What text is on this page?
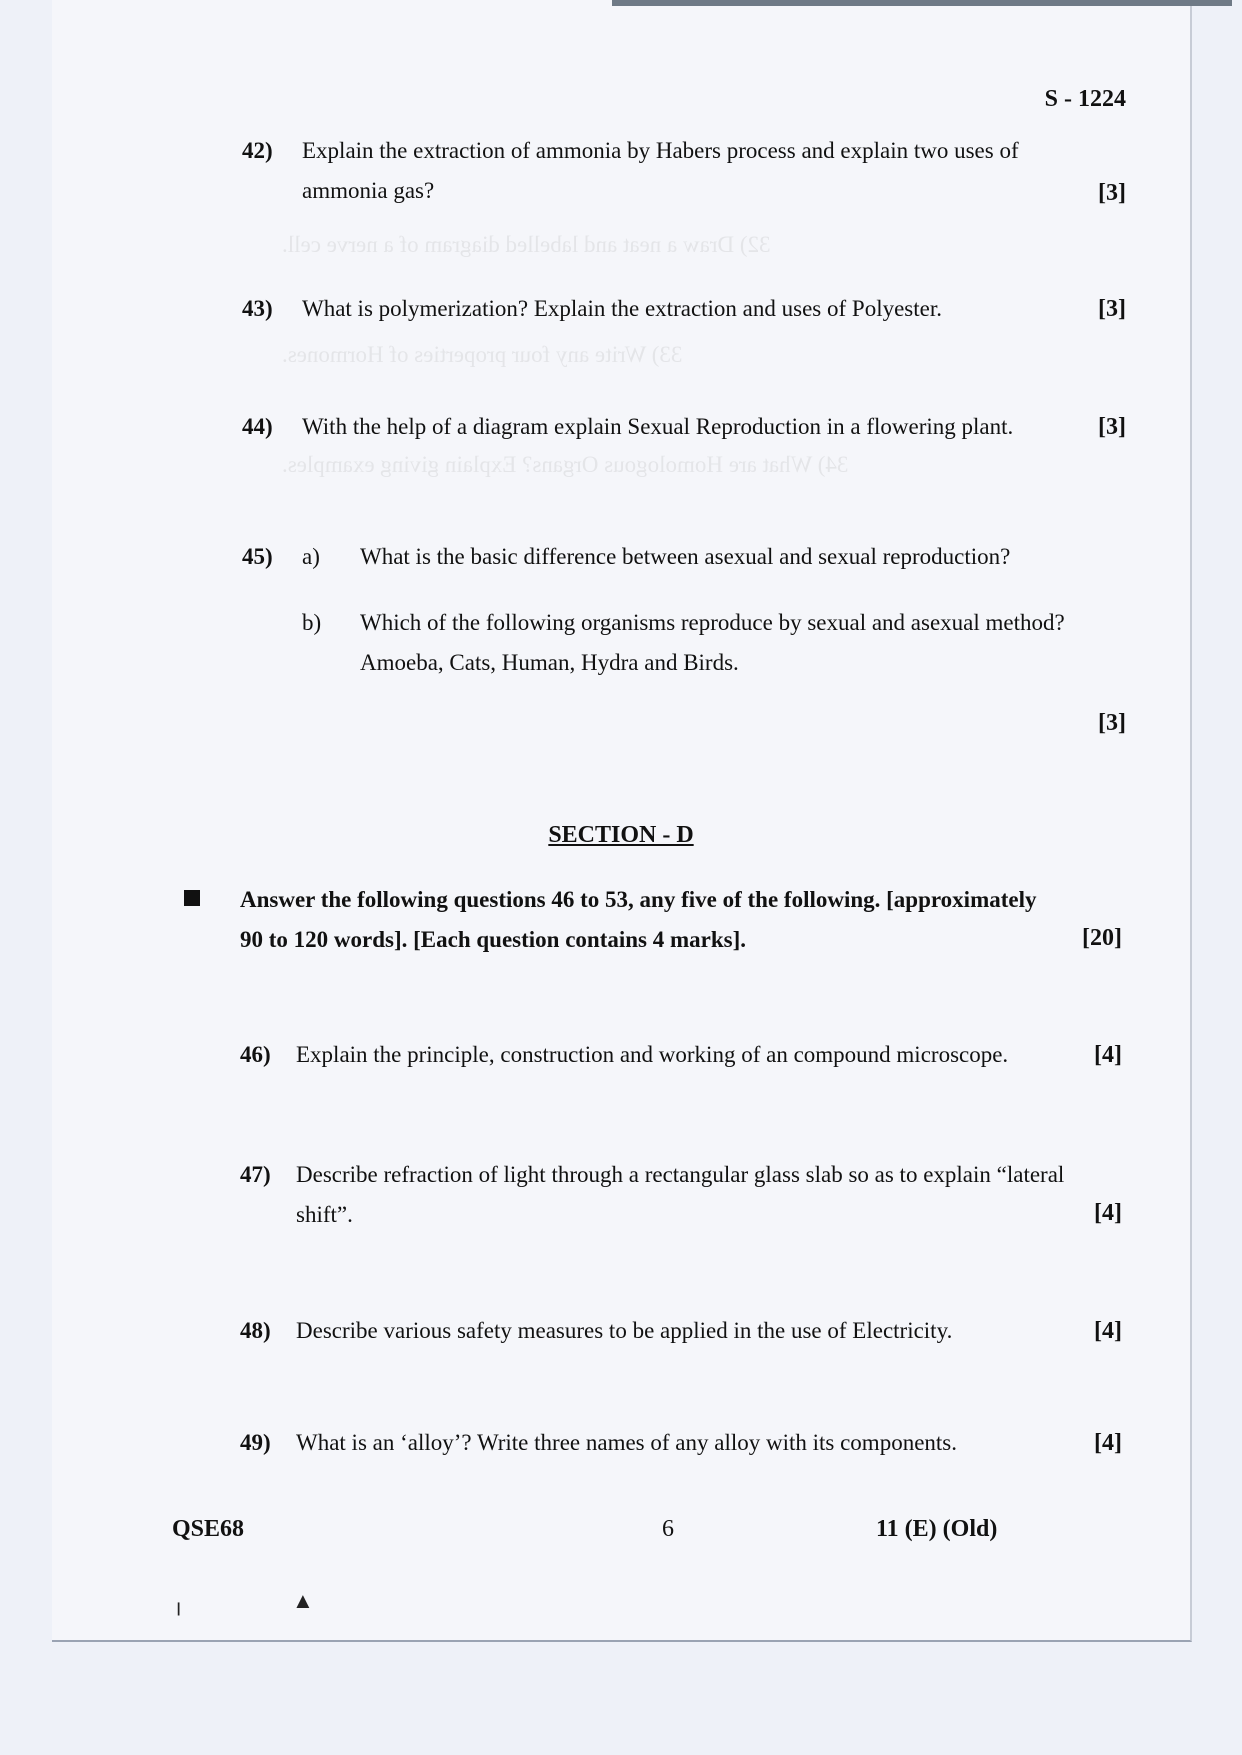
32) Draw a neat and labelled diagram of a nerve cell.
33) Write any four properties of Hormones.
34) What are Homologous Organs? Explain giving examples.
S - 1224
42) Explain the extraction of ammonia by Habers process and explain two uses of
ammonia gas?	[3]
43) What is polymerization? Explain the extraction and uses of Polyester.	[3]
44) With the help of a diagram explain Sexual Reproduction in a flowering plant.	[3]
45) a) What is the basic difference between asexual and sexual reproduction?
b) Which of the following organisms reproduce by sexual and asexual method?
Amoeba, Cats, Human, Hydra and Birds.
[3]
SECTION - D
Answer the following questions 46 to 53, any five of the following. [approximately
90 to 120 words]. [Each question contains 4 marks].	[20]
46) Explain the principle, construction and working of an compound microscope.	[4]
47) Describe refraction of light through a rectangular glass slab so as to explain “lateral
shift”.	[4]
48) Describe various safety measures to be applied in the use of Electricity.	[4]
49) What is an ‘alloy’? Write three names of any alloy with its components.	[4]
QSE68	6	11 (E) (Old)
╷	▲
